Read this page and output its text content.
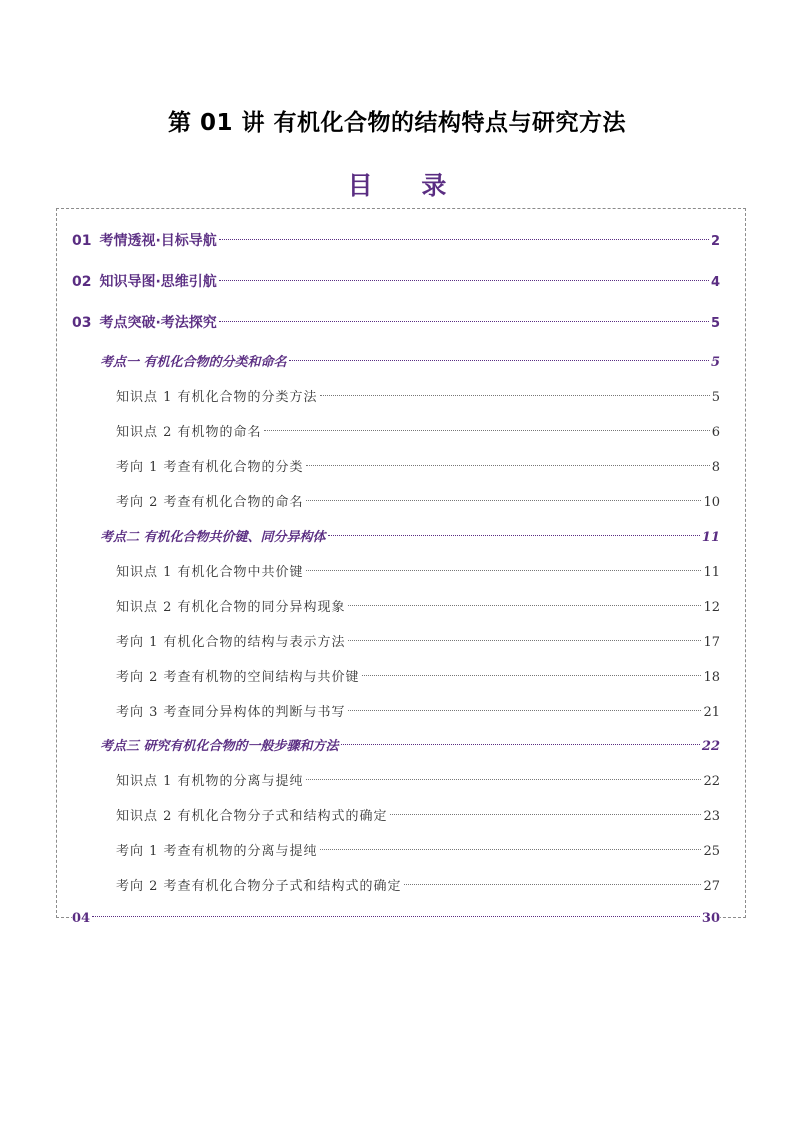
第 01 讲 有机化合物的结构特点与研究方法
目 录
01 考情透视·目标导航	2
02 知识导图·思维引航	4
03 考点突破·考法探究	5
考点一 有机化合物的分类和命名	5
知识点 1 有机化合物的分类方法	5
知识点 2 有机物的命名	6
考向 1 考查有机化合物的分类	8
考向 2 考查有机化合物的命名	10
考点二 有机化合物共价键、同分异构体	11
知识点 1 有机化合物中共价键	11
知识点 2 有机化合物的同分异构现象	12
考向 1 有机化合物的结构与表示方法	17
考向 2 考查有机物的空间结构与共价键	18
考向 3 考查同分异构体的判断与书写	21
考点三 研究有机化合物的一般步骤和方法	22
知识点 1 有机物的分离与提纯	22
知识点 2 有机化合物分子式和结构式的确定	23
考向 1 考查有机物的分离与提纯	25
考向 2 考查有机化合物分子式和结构式的确定	27
04	30
